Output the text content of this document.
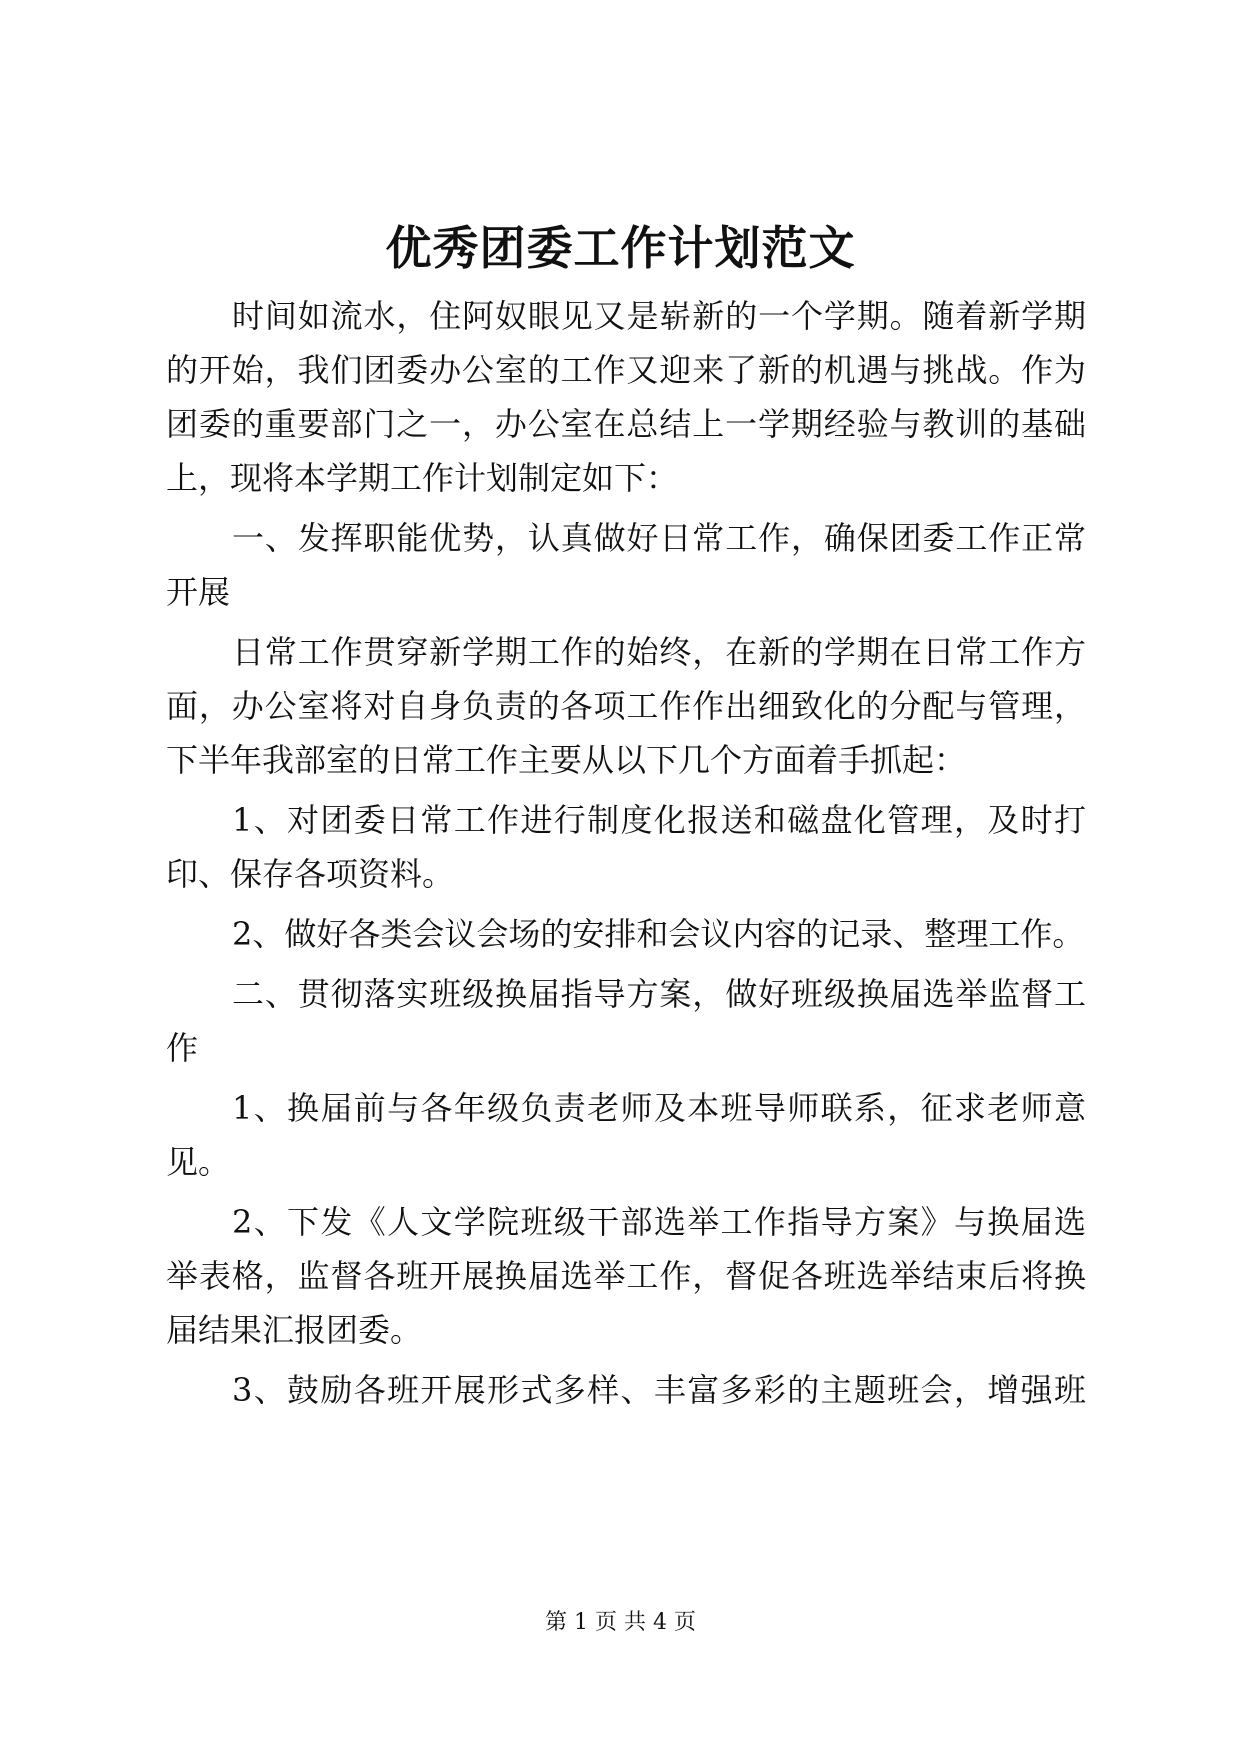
优秀团委工作计划范文
时间如流水，住阿奴眼见又是崭新的一个学期。随着新学期
的开始，我们团委办公室的工作又迎来了新的机遇与挑战。作为
团委的重要部门之一，办公室在总结上一学期经验与教训的基础
上，现将本学期工作计划制定如下：
一、发挥职能优势，认真做好日常工作，确保团委工作正常
开展
日常工作贯穿新学期工作的始终，在新的学期在日常工作方
面，办公室将对自身负责的各项工作作出细致化的分配与管理，
下半年我部室的日常工作主要从以下几个方面着手抓起：
1、对团委日常工作进行制度化报送和磁盘化管理，及时打
印、保存各项资料。
2、做好各类会议会场的安排和会议内容的记录、整理工作。
二、贯彻落实班级换届指导方案，做好班级换届选举监督工
作
1、换届前与各年级负责老师及本班导师联系，征求老师意
见。
2、下发《人文学院班级干部选举工作指导方案》与换届选
举表格，监督各班开展换届选举工作，督促各班选举结束后将换
届结果汇报团委。
3、鼓励各班开展形式多样、丰富多彩的主题班会，增强班
第 1 页 共 4 页
